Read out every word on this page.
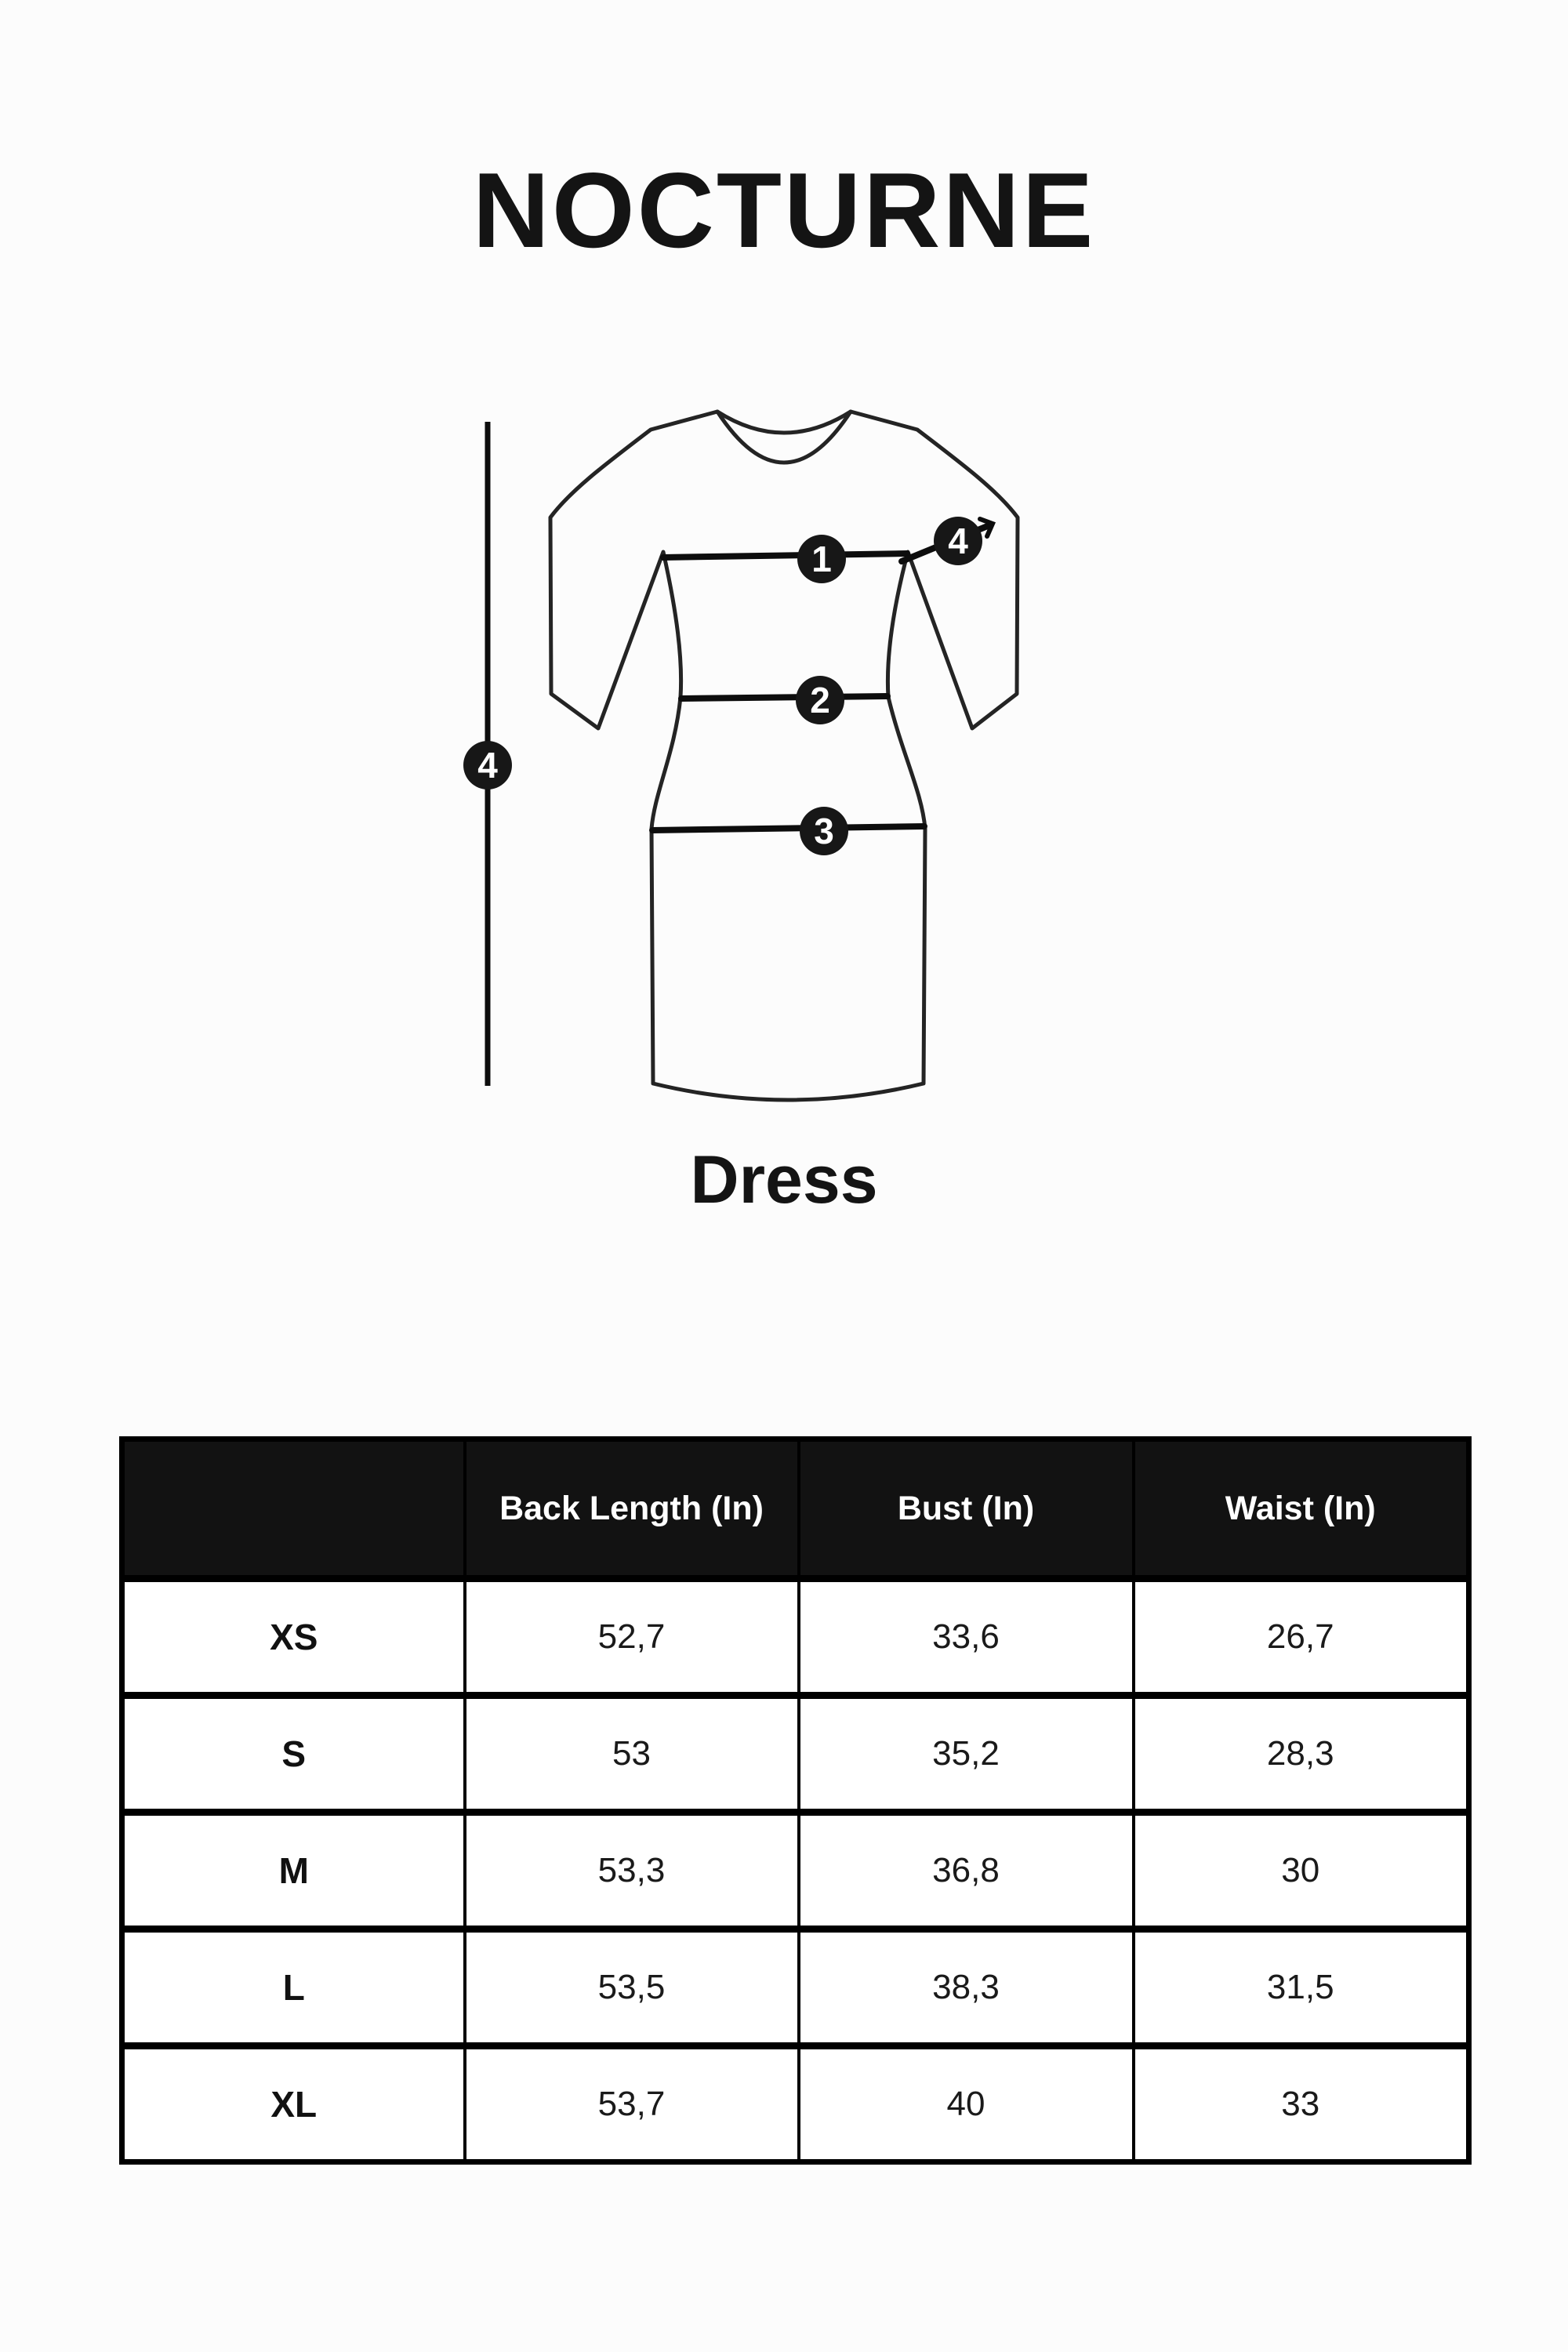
NOCTURNE
1
2
3
4
4
Dress
	Back Length (In)	Bust (In)	Waist (In)
XS	52,7	33,6	26,7
S	53	35,2	28,3
M	53,3	36,8	30
L	53,5	38,3	31,5
XL	53,7	40	33
